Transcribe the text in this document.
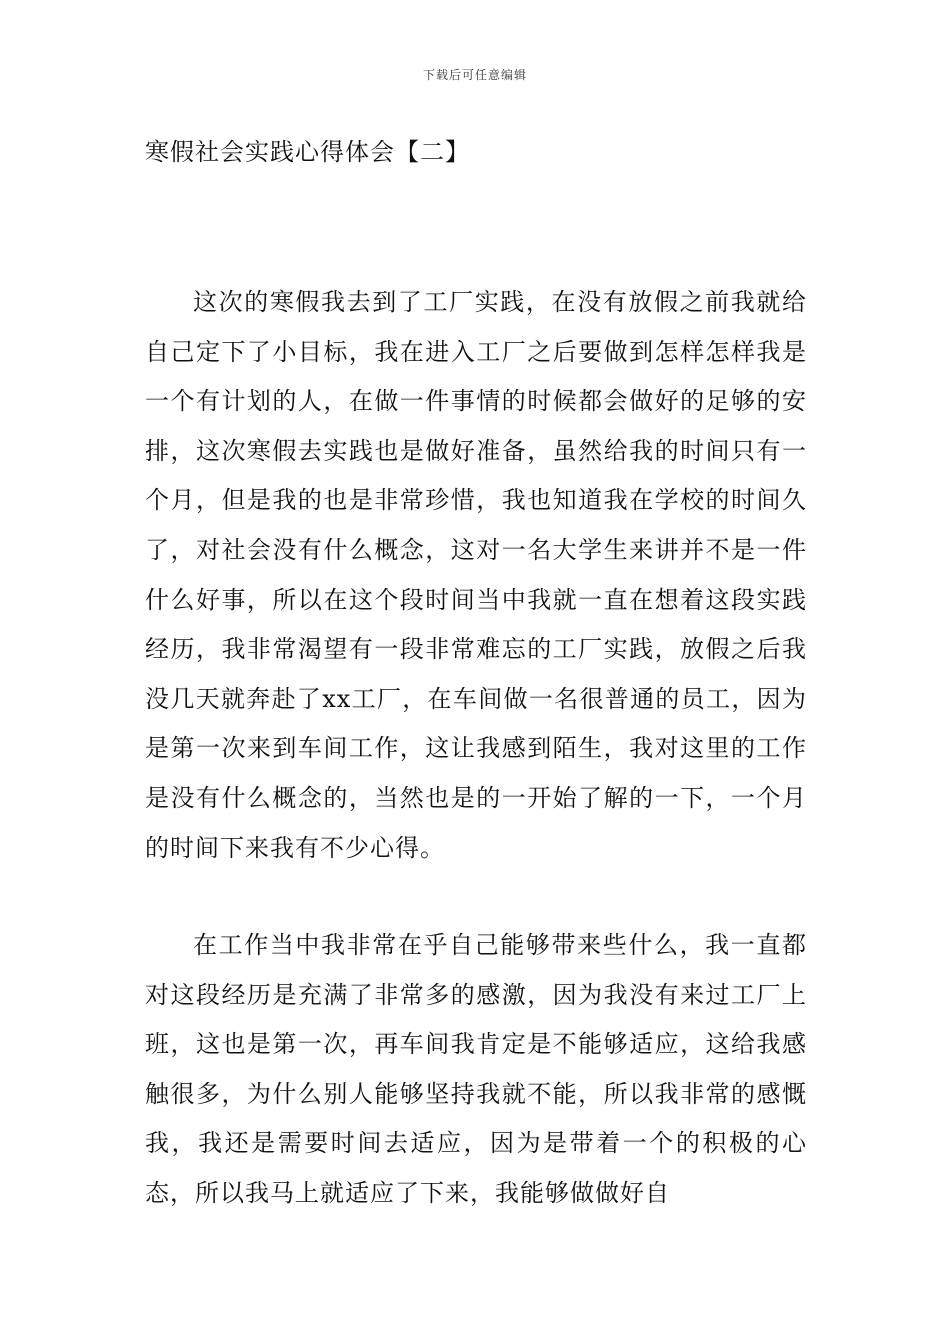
下载后可任意编辑
寒假社会实践心得体会【二】

这次的寒假我去到了工厂实践，在没有放假之前我就给自己定下了小目标，我在进入工厂之后要做到怎样怎样我是一个有计划的人，在做一件事情的时候都会做好的足够的安排，这次寒假去实践也是做好准备，虽然给我的时间只有一个月，但是我的也是非常珍惜，我也知道我在学校的时间久了，对社会没有什么概念，这对一名大学生来讲并不是一件什么好事，所以在这个段时间当中我就一直在想着这段实践经历，我非常渴望有一段非常难忘的工厂实践，放假之后我没几天就奔赴了xx工厂，在车间做一名很普通的员工，因为是第一次来到车间工作，这让我感到陌生，我对这里的工作是没有什么概念的，当然也是的一开始了解的一下，一个月的时间下来我有不少心得。

在工作当中我非常在乎自己能够带来些什么，我一直都对这段经历是充满了非常多的感激，因为我没有来过工厂上班，这也是第一次，再车间我肯定是不能够适应，这给我感触很多，为什么别人能够坚持我就不能，所以我非常的感慨我，我还是需要时间去适应，因为是带着一个的积极的心态，所以我马上就适应了下来，我能够做做好自
